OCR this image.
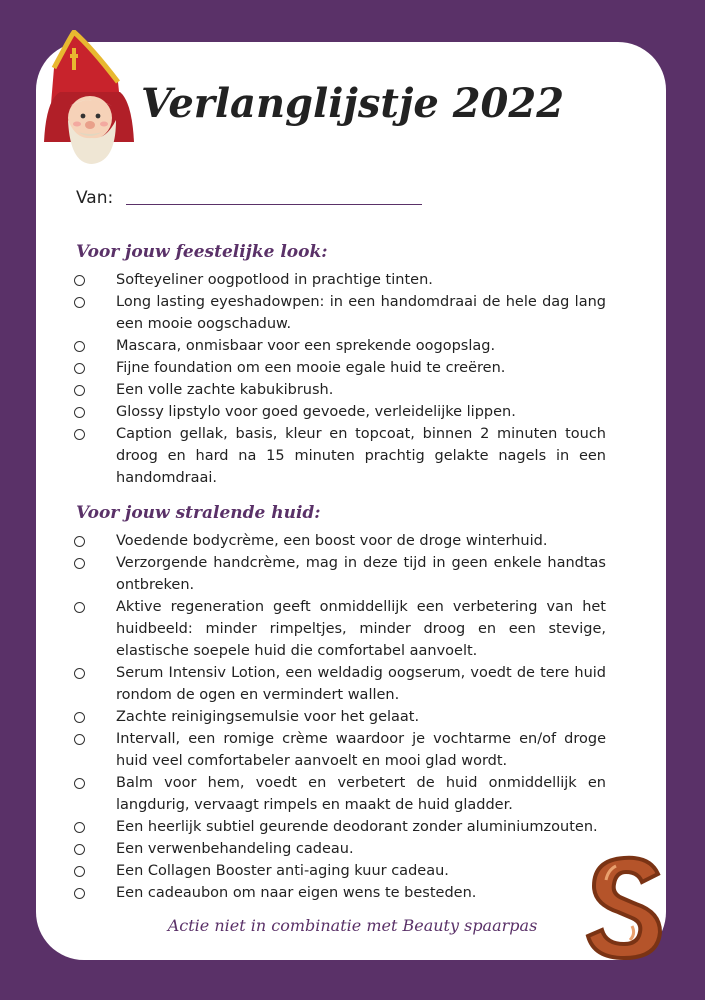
Verlanglijstje 2022
Van:
Voor jouw feestelijke look:
Softeyeliner oogpotlood in prachtige tinten.
Long lasting eyeshadowpen: in een handomdraai de hele dag lang een mooie oogschaduw.
Mascara, onmisbaar voor een sprekende oogopslag.
Fijne foundation om een mooie egale huid te creëren.
Een volle zachte kabukibrush.
Glossy lipstylo voor goed gevoede, verleidelijke lippen.
Caption gellak, basis, kleur en topcoat, binnen 2 minuten touch droog en hard na 15 minuten prachtig gelakte nagels in een handomdraai.
Voor jouw stralende huid:
Voedende bodycrème, een boost voor de droge winterhuid.
Verzorgende handcrème, mag in deze tijd in geen enkele handtas ontbreken.
Aktive regeneration geeft onmiddellijk een verbetering van het huidbeeld: minder rimpeltjes, minder droog en een stevige, elastische soepele huid die comfortabel aanvoelt.
Serum Intensiv Lotion, een weldadig oogserum, voedt de tere huid rondom de ogen en vermindert wallen.
Zachte reinigingsemulsie voor het gelaat.
Intervall, een romige crème waardoor je vochtarme en/of droge huid veel comfortabeler aanvoelt en mooi glad wordt.
Balm voor hem, voedt en verbetert de huid onmiddellijk en langdurig, vervaagt rimpels en maakt de huid gladder.
Een heerlijk subtiel geurende deodorant zonder aluminiumzouten.
Een verwenbehandeling cadeau.
Een Collagen Booster anti-aging kuur cadeau.
Een cadeaubon om naar eigen wens te besteden.

Actie niet in combinatie met Beauty spaarpas
